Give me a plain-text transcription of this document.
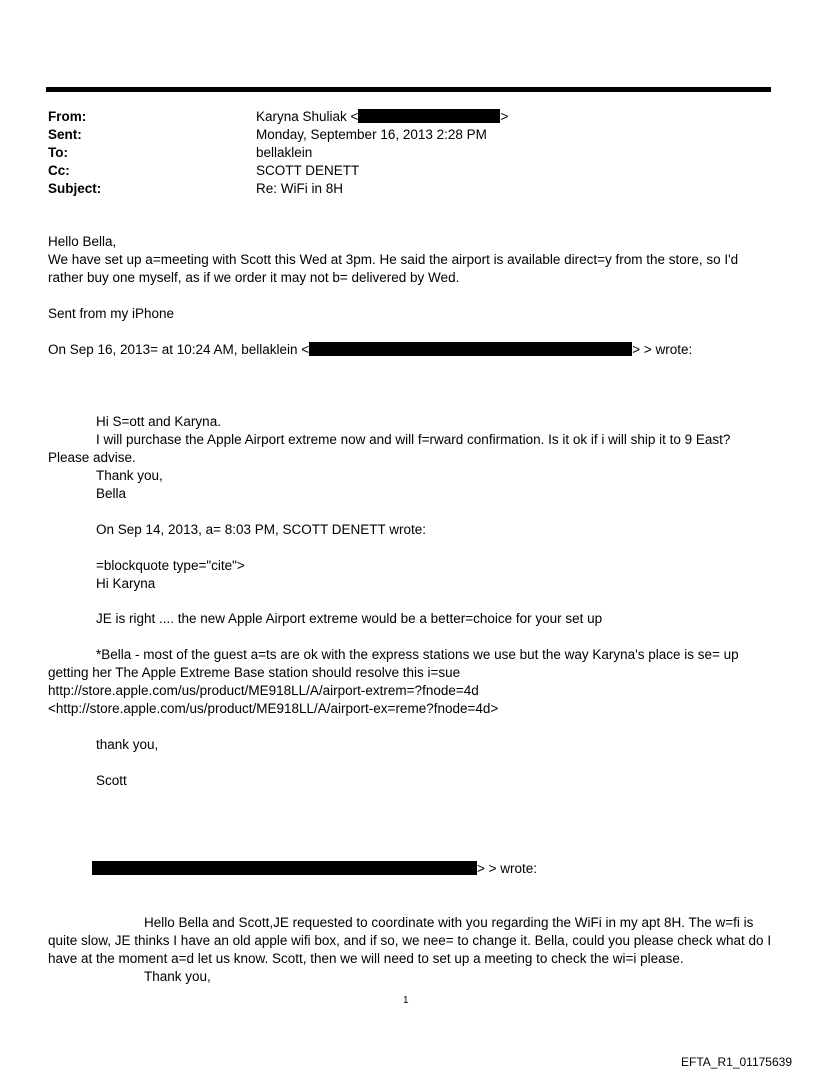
From:	Karyna Shuliak <	>
Sent:	Monday, September 16, 2013 2:28 PM
To:	bellaklein
Cc:	SCOTT DENETT
Subject:	Re: WiFi in 8H
Hello Bella,
We have set up a=meeting with Scott this Wed at 3pm. He said the airport is available direct=y from the store, so I'd
rather buy one myself, as if we order it may not b= delivered by Wed.
Sent from my iPhone
On Sep 16, 2013= at 10:24 AM, bellaklein <	> > wrote:
Hi S=ott and Karyna.
I will purchase the Apple Airport extreme now and will f=rward confirmation. Is it ok if i will ship it to 9 East?
Please advise.
Thank you,
Bella
On Sep 14, 2013, a= 8:03 PM, SCOTT DENETT wrote:
=blockquote type="cite">
Hi Karyna
JE is right .... the new Apple Airport extreme would be a better=choice for your set up
*Bella - most of the guest a=ts are ok with the express stations we use but the way Karyna's place is se= up
getting her The Apple Extreme Base station should resolve this i=sue
http://store.apple.com/us/product/ME918LL/A/airport-extrem=?fnode=4d
<http://store.apple.com/us/product/ME918LL/A/airport-ex=reme?fnode=4d>
thank you,
Scott
> > wrote:
Hello Bella and Scott,JE requested to coordinate with you regarding the WiFi in my apt 8H. The w=fi is
quite slow, JE thinks I have an old apple wifi box, and if so, we nee= to change it. Bella, could you please check what do I
have at the moment a=d let us know. Scott, then we will need to set up a meeting to check the wi=i please.
Thank you,
1
EFTA_R1_01175639
